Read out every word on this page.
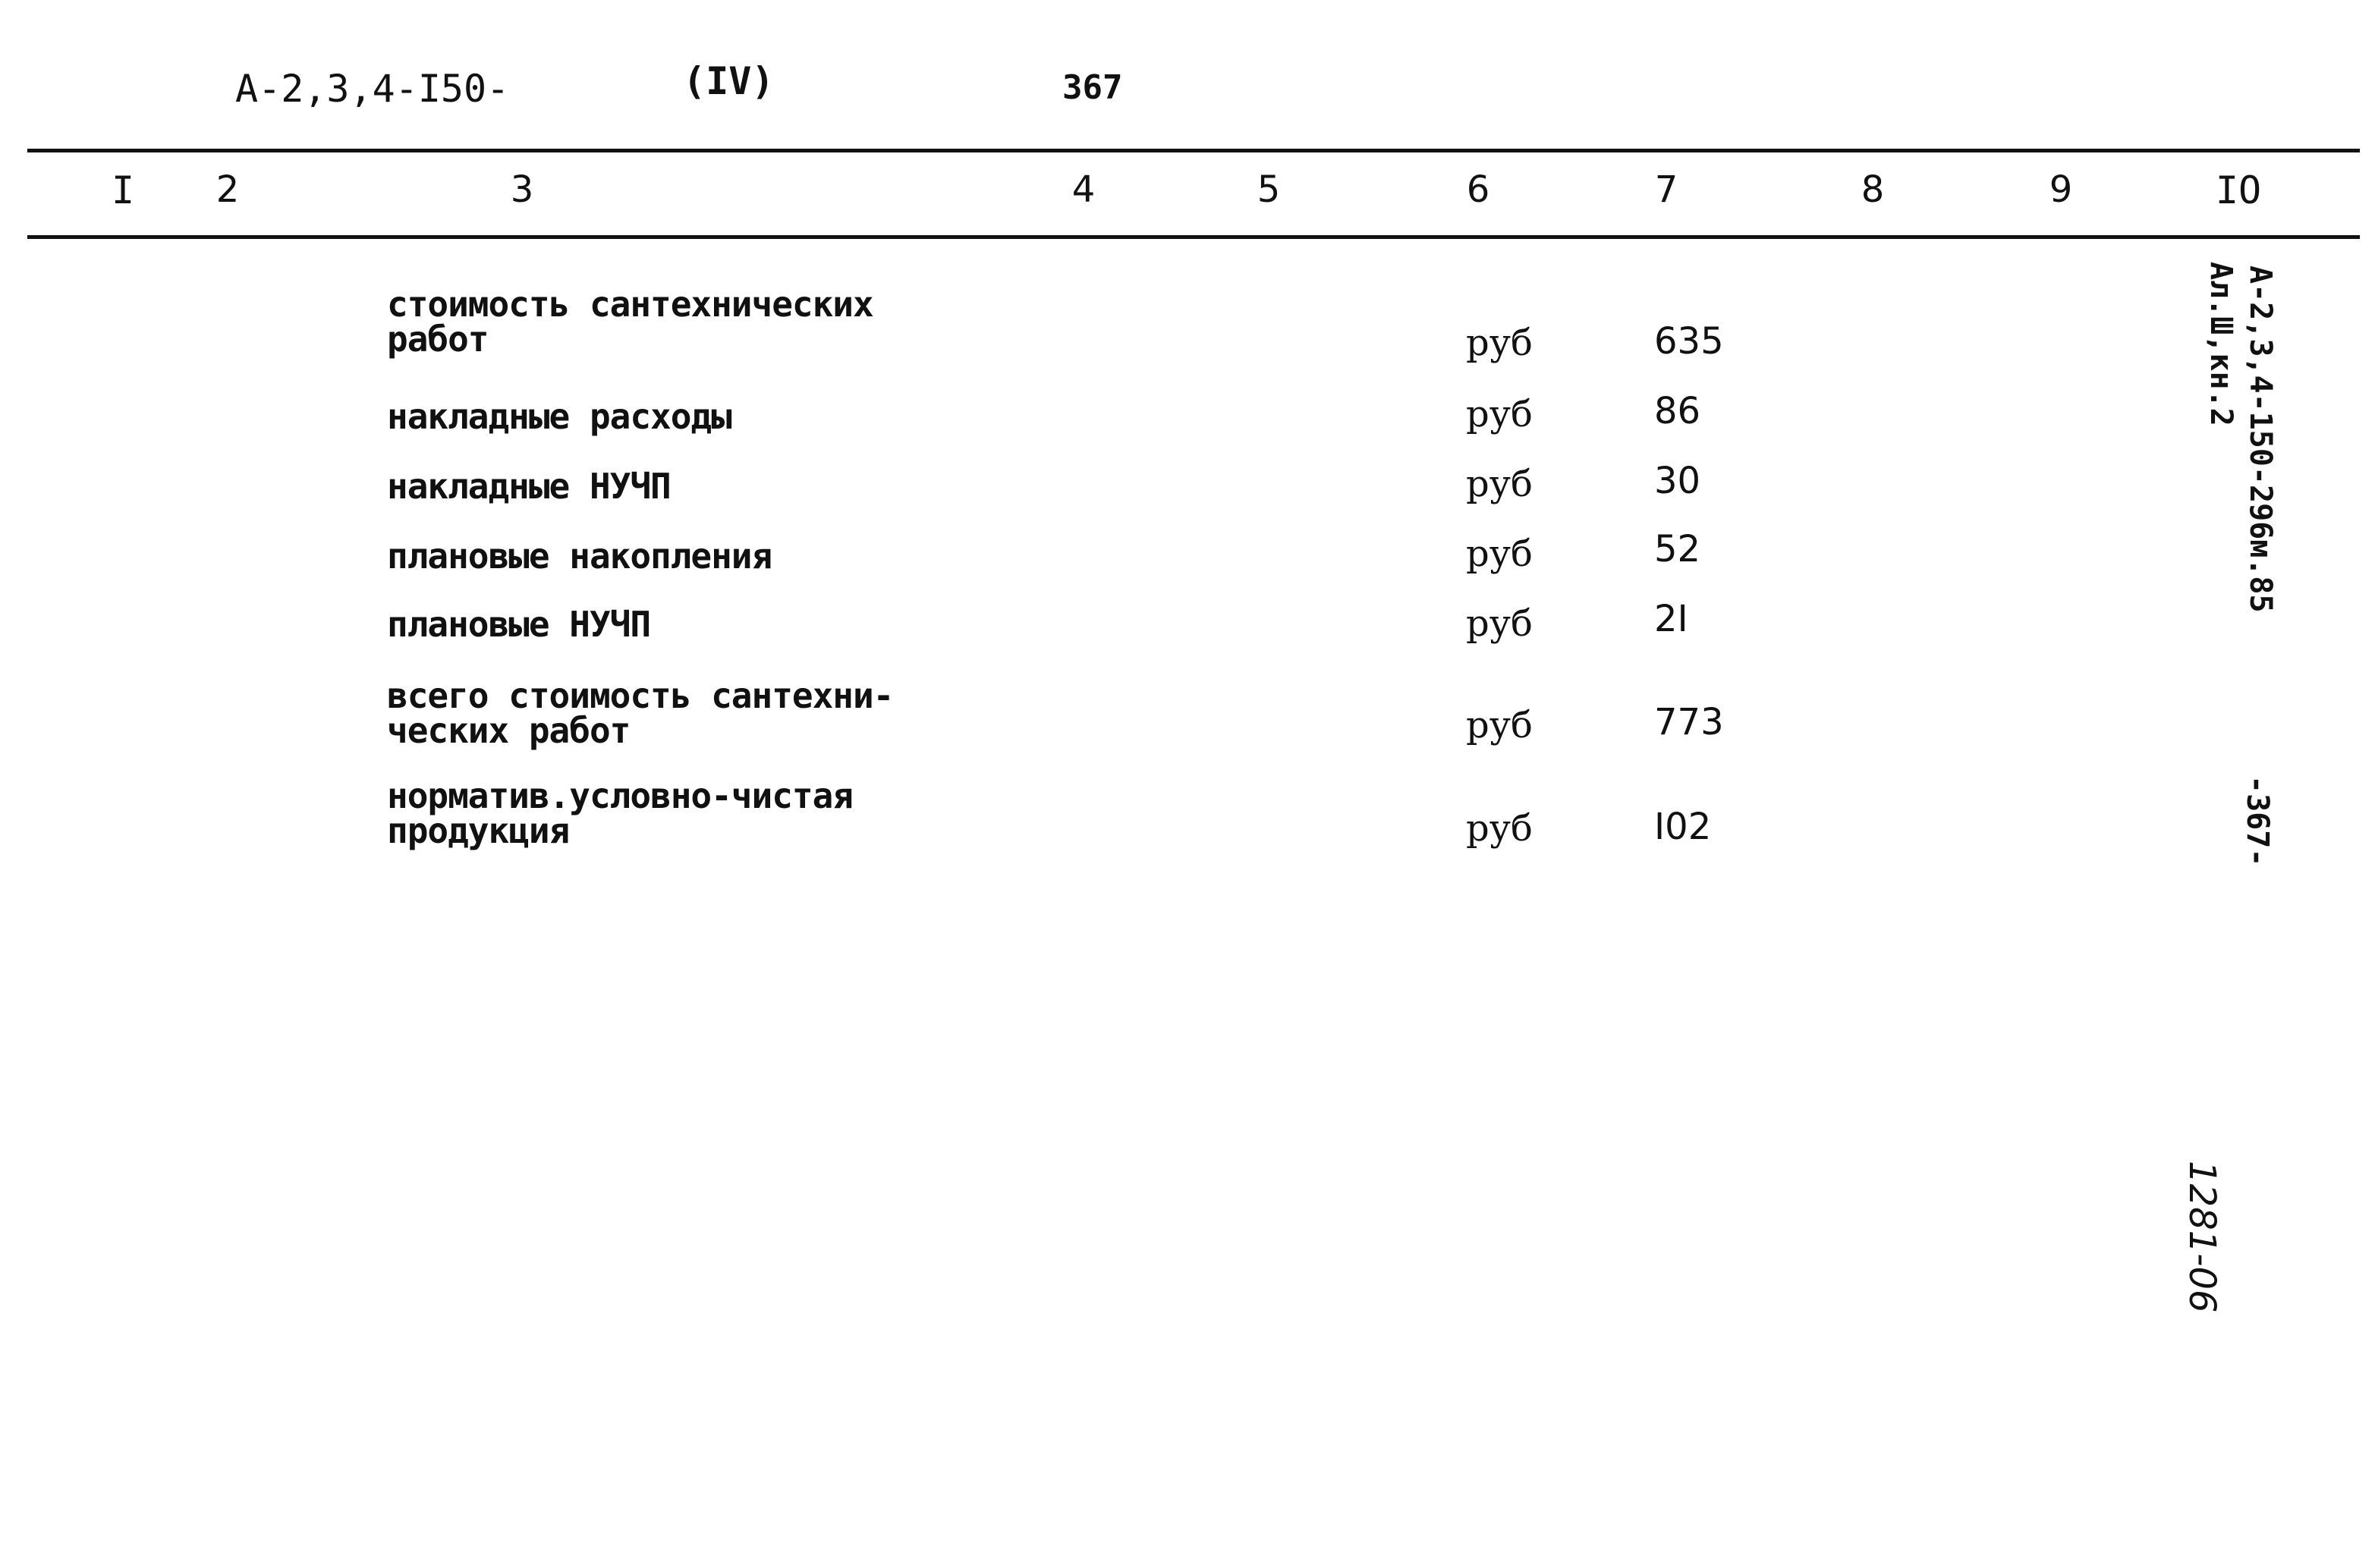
А-2,3,4-I50-	(IV)	367
I 2	3	4	5	6	7	8	9	IO
стоимость сантехнических
работ	руб	635
накладные расходы	руб	86
накладные НУЧП	руб	30
плановые накопления	руб	52
плановые НУЧП	руб	2I
всего стоимость сантехни-
ческих работ	руб	773
норматив.условно-чистая
продукция	руб	I02
А-2,3,4-150-296м.85
Ал.Ш,кн.2
-367-
1281-06
